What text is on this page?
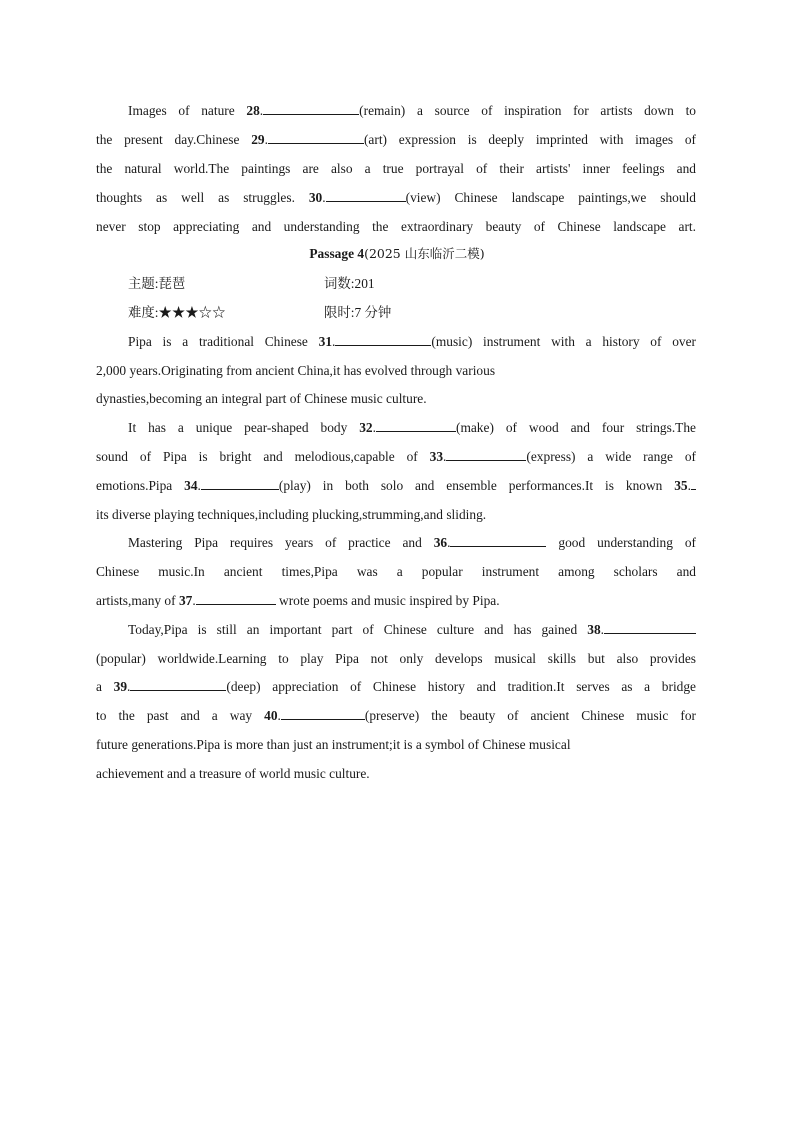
Images of nature 28.	(remain) a source of inspiration for artists down to
the present day.Chinese 29.	(art) expression is deeply imprinted with images of
the natural world.The paintings are also a true portrayal of their artists' inner feelings and
thoughts as well as struggles. 30.	(view) Chinese landscape paintings,we should
never stop appreciating and understanding the extraordinary beauty of Chinese landscape art.
Passage 4(2025 山东临沂二模)
主题:琵琶	词数:201
难度:★★★☆☆	限时:7 分钟
Pipa is a traditional Chinese 31.	(music) instrument with a history of over
2,000 years.Originating from ancient China,it has evolved through various
dynasties,becoming an integral part of Chinese music culture.
It has a unique pear-shaped body 32.	(make) of wood and four strings.The
sound of Pipa is bright and melodious,capable of 33.	(express) a wide range of
emotions.Pipa 34.	(play) in both solo and ensemble performances.It is known 35.
its diverse playing techniques,including plucking,strumming,and sliding.
Mastering Pipa requires years of practice and 36.	good understanding of
Chinese music.In ancient times,Pipa was a popular instrument among scholars and
artists,many of 37.	wrote poems and music inspired by Pipa.
Today,Pipa is still an important part of Chinese culture and has gained 38.
(popular) worldwide.Learning to play Pipa not only develops musical skills but also provides
a 39.	(deep) appreciation of Chinese history and tradition.It serves as a bridge
to the past and a way 40.	(preserve) the beauty of ancient Chinese music for
future generations.Pipa is more than just an instrument;it is a symbol of Chinese musical
achievement and a treasure of world music culture.
